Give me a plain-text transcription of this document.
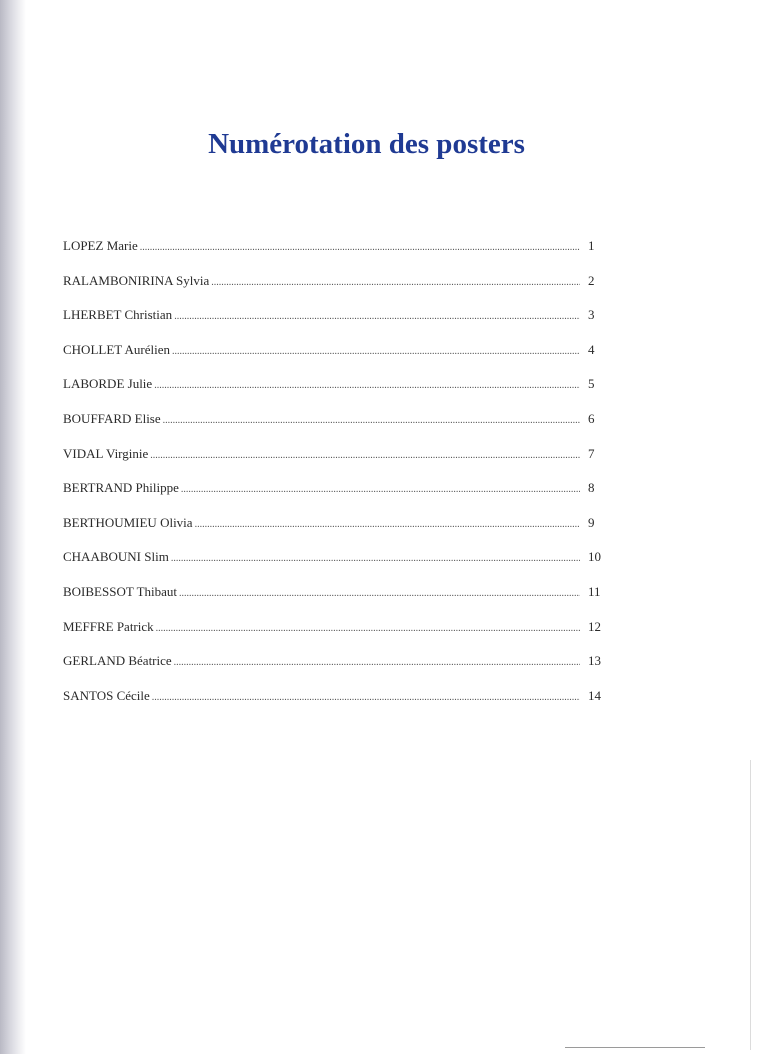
Numérotation des posters
LOPEZ Marie .....	1
RALAMBONIRINA Sylvia .....	2
LHERBET Christian .....	3
CHOLLET Aurélien .....	4
LABORDE Julie .....	5
BOUFFARD Elise .....	6
VIDAL Virginie .....	7
BERTRAND Philippe .....	8
BERTHOUMIEU Olivia .....	9
CHAABOUNI Slim .....	10
BOIBESSOT Thibaut .....	11
MEFFRE Patrick .....	12
GERLAND Béatrice .....	13
SANTOS Cécile .....	14
